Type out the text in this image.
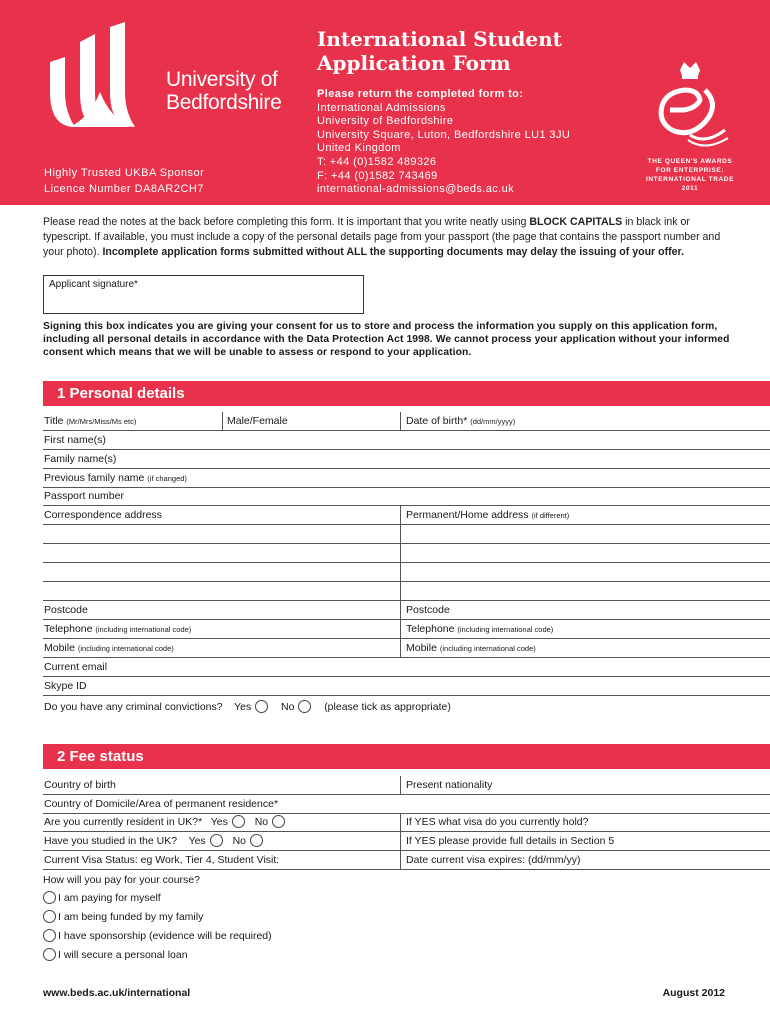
University of
Bedfordshire
Highly Trusted UKBA Sponsor
Licence Number DA8AR2CH7
International Student
Application Form
Please return the completed form to:
International Admissions
University of Bedfordshire
University Square, Luton, Bedfordshire LU1 3JU
United Kingdom
T: +44 (0)1582 489326
F: +44 (0)1582 743469
international-admissions@beds.ac.uk
THE QUEEN'S AWARDS
FOR ENTERPRISE:
INTERNATIONAL TRADE
2011
Please read the notes at the back before completing this form. It is important that you write neatly using BLOCK CAPITALS in black ink or typescript. If available, you must include a copy of the personal details page from your passport (the page that contains the passport number and your photo). Incomplete application forms submitted without ALL the supporting documents may delay the issuing of your offer.
Applicant signature*
Signing this box indicates you are giving your consent for us to store and process the information you supply on this application form, including all personal details in accordance with the Data Protection Act 1998. We cannot process your application without your informed consent which means that we will be unable to assess or respond to your application.
1 Personal details
Title (Mr/Mrs/Miss/Ms etc)	Male/Female	Date of birth* (dd/mm/yyyy)
First name(s)
Family name(s)
Previous family name (if changed)
Passport number
Correspondence address	Permanent/Home address (if different)
Postcode	Postcode
Telephone (including international code)	Telephone (including international code)
Mobile (including international code)	Mobile (including international code)
Current email
Skype ID
Do you have any criminal convictions? Yes	No	(please tick as appropriate)
2 Fee status
Country of birth	Present nationality
Country of Domicile/Area of permanent residence*
Are you currently resident in UK?* Yes	No	If YES what visa do you currently hold?
Have you studied in the UK? Yes	No	If YES please provide full details in Section 5
Current Visa Status: eg Work, Tier 4, Student Visit:	Date current visa expires: (dd/mm/yy)
How will you pay for your course?
I am paying for myself
I am being funded by my family
I have sponsorship (evidence will be required)
I will secure a personal loan
www.beds.ac.uk/international	August 2012
